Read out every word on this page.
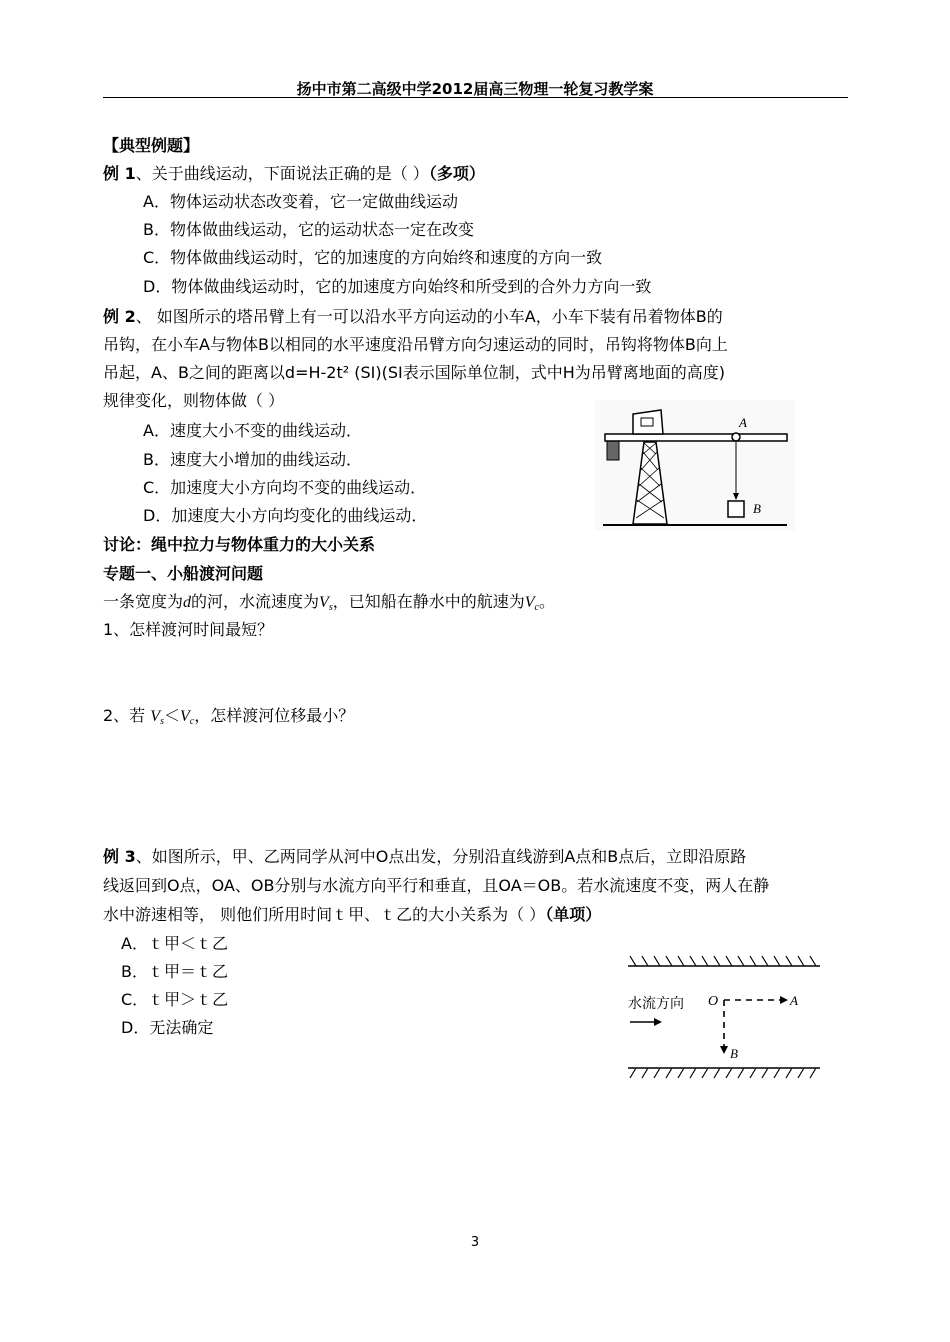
扬中市第二高级中学2012届高三物理一轮复习教学案
【典型例题】
例 1、关于曲线运动，下面说法正确的是（ ）（多项）
A．物体运动状态改变着，它一定做曲线运动
B．物体做曲线运动，它的运动状态一定在改变
C．物体做曲线运动时，它的加速度的方向始终和速度的方向一致
D．物体做曲线运动时，它的加速度方向始终和所受到的合外力方向一致
例 2、 如图所示的塔吊臂上有一可以沿水平方向运动的小车A，小车下装有吊着物体B的
吊钩，在小车A与物体B以相同的水平速度沿吊臂方向匀速运动的同时，吊钩将物体B向上
吊起，A、B之间的距离以d=H-2t² (SI)(SI表示国际单位制，式中H为吊臂离地面的高度)
规律变化，则物体做（ ）
A．速度大小不变的曲线运动．
B．速度大小增加的曲线运动．
C．加速度大小方向均不变的曲线运动．
D．加速度大小方向均变化的曲线运动．
A
B
讨论：绳中拉力与物体重力的大小关系
专题一、小船渡河问题
一条宽度为d的河，水流速度为$V_s$，已知船在静水中的航速为$V_c$。
1、怎样渡河时间最短？
2、若 $V_s<V_c$，怎样渡河位移最小？
例 3、如图所示，甲、乙两同学从河中O点出发，分别沿直线游到A点和B点后，立即沿原路
线返回到O点，OA、OB分别与水流方向平行和垂直，且OA＝OB。若水流速度不变，两人在静
水中游速相等， 则他们所用时间ｔ甲、ｔ乙的大小关系为（ ）（单项）
A．ｔ甲＜ｔ乙
B．ｔ甲＝ｔ乙
C．ｔ甲＞ｔ乙
D．无法确定
水流方向 O	A
B
3
